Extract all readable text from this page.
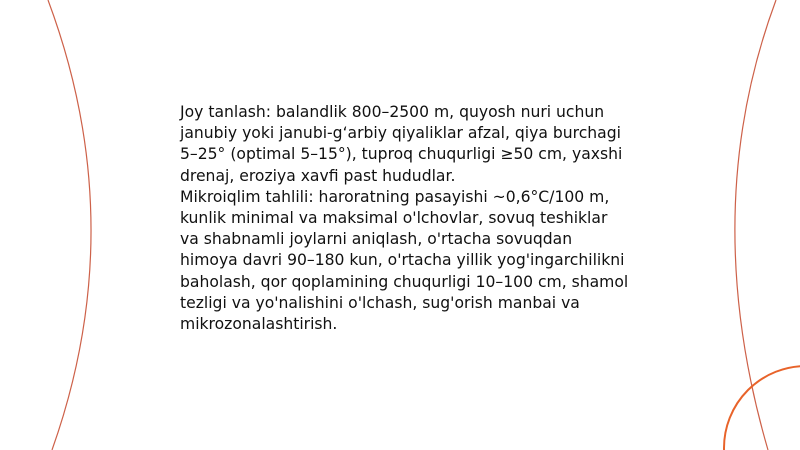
Joy tanlash: balandlik 800–2500 m, quyosh nuri uchun janubiy yoki janubi-g‘arbiy qiyaliklar afzal, qiya burchagi 5–25° (optimal 5–15°), tuproq chuqurligi ≥50 cm, yaxshi drenaj, eroziya xavfi past hududlar.

Mikroiqlim tahlili: haroratning pasayishi ~0,6°C/100 m, kunlik minimal va maksimal o'lchovlar, sovuq teshiklar va shabnamli joylarni aniqlash, o'rtacha sovuqdan himoya davri 90–180 kun, o'rtacha yillik yog'ingarchilikni baholash, qor qoplamining chuqurligi 10–100 cm, shamol tezligi va yo'nalishini o'lchash, sug'orish manbai va mikrozonalashtirish.
